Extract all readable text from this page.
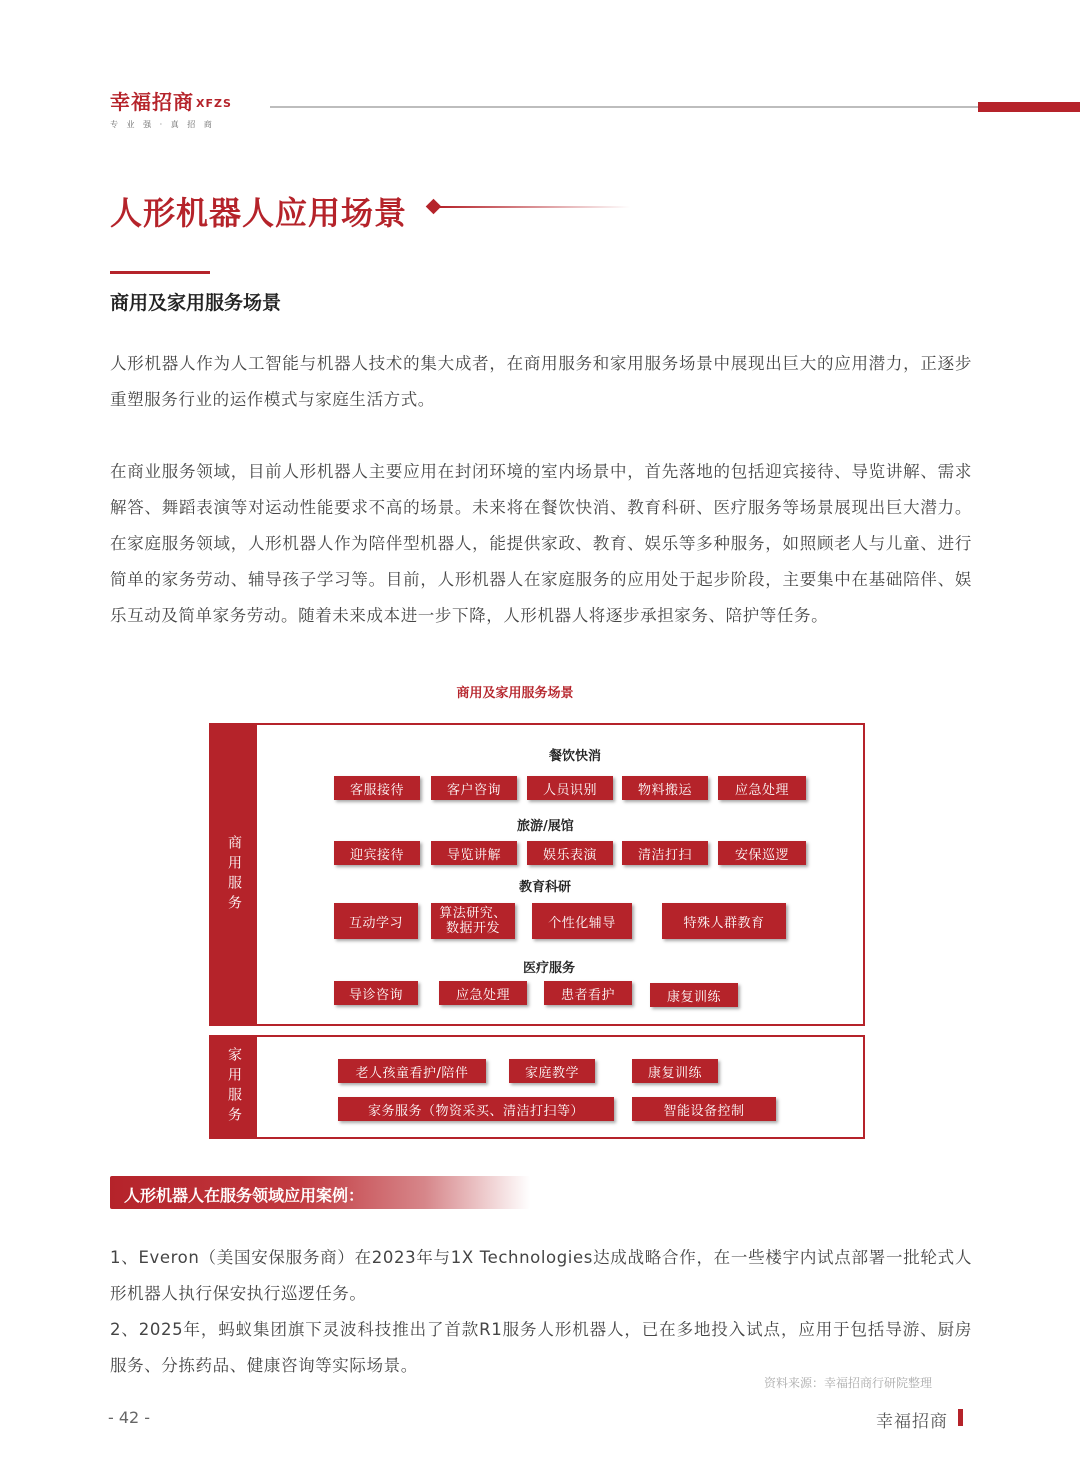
幸福招商 XFZS
专 业 强 · 真 招 商
人形机器人应用场景
商用及家用服务场景
人形机器人作为人工智能与机器人技术的集大成者，在商用服务和家用服务场景中展现出巨大的应用潜力，正逐步重塑服务行业的运作模式与家庭生活方式。
在商业服务领域，目前人形机器人主要应用在封闭环境的室内场景中，首先落地的包括迎宾接待、导览讲解、需求解答、舞蹈表演等对运动性能要求不高的场景。未来将在餐饮快消、教育科研、医疗服务等场景展现出巨大潜力。在家庭服务领域，人形机器人作为陪伴型机器人，能提供家政、教育、娱乐等多种服务，如照顾老人与儿童、进行简单的家务劳动、辅导孩子学习等。目前，人形机器人在家庭服务的应用处于起步阶段，主要集中在基础陪伴、娱乐互动及简单家务劳动。随着未来成本进一步下降，人形机器人将逐步承担家务、陪护等任务。
商用及家用服务场景
商用服务
餐饮快消
客服接待	客户咨询	人员识别	物料搬运	应急处理
旅游/展馆
迎宾接待	导览讲解	娱乐表演	清洁打扫	安保巡逻
教育科研
互动学习
算法研究、数据开发	个性化辅导	特殊人群教育
医疗服务
导诊咨询	应急处理	患者看护	康复训练
家用服务	老人孩童看护/陪伴	家庭教学	康复训练
家务服务（物资采买、清洁打扫等）	智能设备控制
人形机器人在服务领域应用案例：
1、Everon（美国安保服务商）在2023年与1X Technologies达成战略合作，在一些楼宇内试点部署一批轮式人形机器人执行保安执行巡逻任务。
2、2025年，蚂蚁集团旗下灵波科技推出了首款R1服务人形机器人，已在多地投入试点，应用于包括导游、厨房服务、分拣药品、健康咨询等实际场景。
资料来源：幸福招商行研院整理
- 42 -	幸福招商
